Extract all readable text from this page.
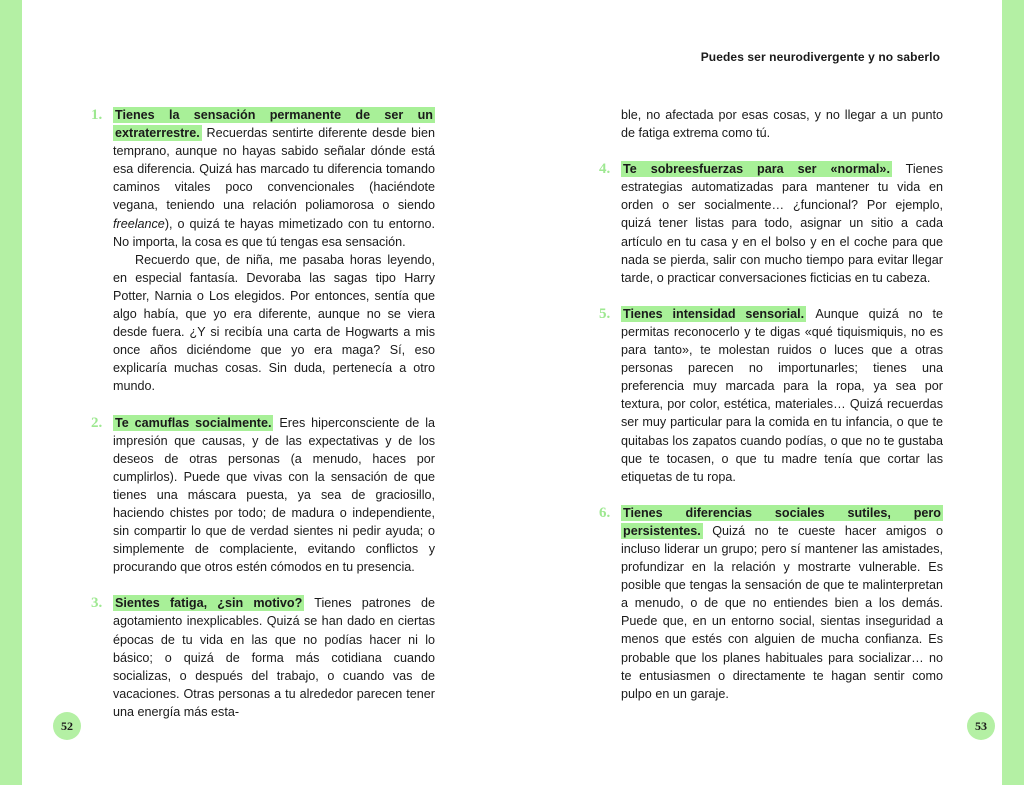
1. Tienes la sensación permanente de ser un extraterrestre. Recuerdas sentirte diferente desde bien temprano, aunque no hayas sabido señalar dónde está esa diferencia. Quizá has marcado tu diferencia tomando caminos vitales poco convencionales (haciéndote vegana, teniendo una relación poliamorosa o siendo freelance), o quizá te hayas mimetizado con tu entorno. No importa, la cosa es que tú tengas esa sensación.

Recuerdo que, de niña, me pasaba horas leyendo, en especial fantasía. Devoraba las sagas tipo Harry Potter, Narnia o Los elegidos. Por entonces, sentía que algo había, que yo era diferente, aunque no se viera desde fuera. ¿Y si recibía una carta de Hogwarts a mis once años diciéndome que yo era maga? Sí, eso explicaría muchas cosas. Sin duda, pertenecía a otro mundo.

2. Te camuflas socialmente. Eres hiperconsciente de la impresión que causas, y de las expectativas y de los deseos de otras personas (a menudo, haces por cumplirlos). Puede que vivas con la sensación de que tienes una máscara puesta, ya sea de graciosillo, haciendo chistes por todo; de madura o independiente, sin compartir lo que de verdad sientes ni pedir ayuda; o simplemente de complaciente, evitando conflictos y procurando que otros estén cómodos en tu presencia.

3. Sientes fatiga, ¿sin motivo? Tienes patrones de agotamiento inexplicables. Quizá se han dado en ciertas épocas de tu vida en las que no podías hacer ni lo básico; o quizá de forma más cotidiana cuando socializas, o después del trabajo, o cuando vas de vacaciones. Otras personas a tu alrededor parecen tener una energía más esta-

52
Puedes ser neurodivergente y no saberlo

ble, no afectada por esas cosas, y no llegar a un punto de fatiga extrema como tú.

4. Te sobreesfuerzas para ser «normal». Tienes estrategias automatizadas para mantener tu vida en orden o ser socialmente… ¿funcional? Por ejemplo, quizá tener listas para todo, asignar un sitio a cada artículo en tu casa y en el bolso y en el coche para que nada se pierda, salir con mucho tiempo para evitar llegar tarde, o practicar conversaciones ficticias en tu cabeza.

5. Tienes intensidad sensorial. Aunque quizá no te permitas reconocerlo y te digas «qué tiquismiquis, no es para tanto», te molestan ruidos o luces que a otras personas parecen no importunarles; tienes una preferencia muy marcada para la ropa, ya sea por textura, por color, estética, materiales… Quizá recuerdas ser muy particular para la comida en tu infancia, o que te quitabas los zapatos cuando podías, o que no te gustaba que te tocasen, o que tu madre tenía que cortar las etiquetas de tu ropa.

6. Tienes diferencias sociales sutiles, pero persistentes. Quizá no te cueste hacer amigos o incluso liderar un grupo; pero sí mantener las amistades, profundizar en la relación y mostrarte vulnerable. Es posible que tengas la sensación de que te malinterpretan a menudo, o de que no entiendes bien a los demás. Puede que, en un entorno social, sientas inseguridad a menos que estés con alguien de mucha confianza. Es probable que los planes habituales para socializar… no te entusiasmen o directamente te hagan sentir como pulpo en un garaje.

53
